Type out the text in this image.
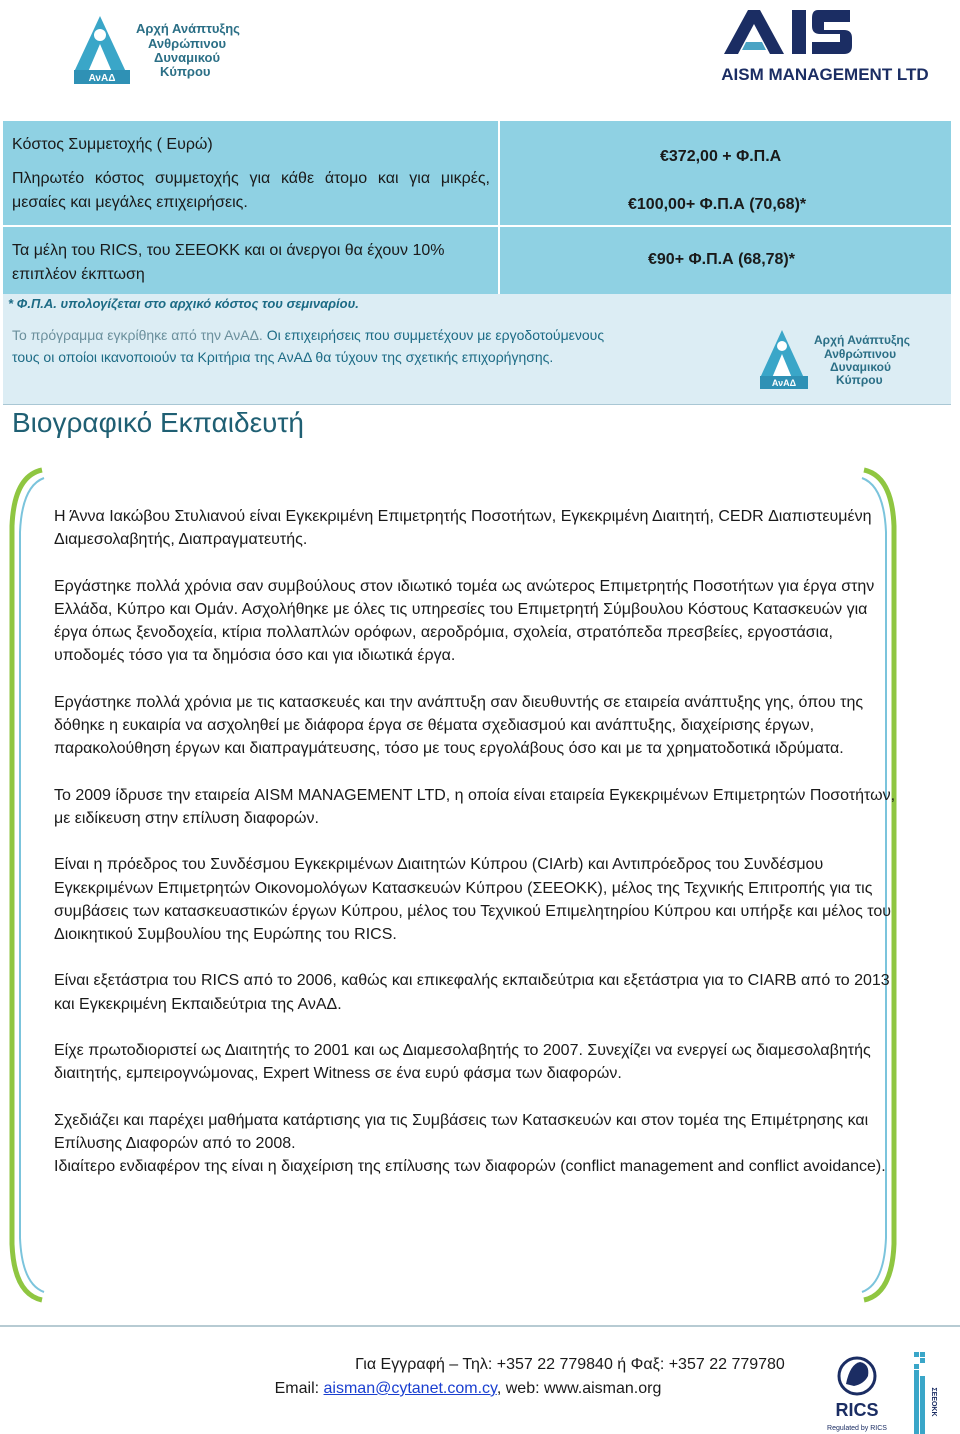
ΑνΑΔ
Αρχή Ανάπτυξης
Ανθρώπινου
Δυναμικού
Κύπρου	AISM MANAGEMENT LTD
Κόστος Συμμετοχής ( Ευρώ)
Πληρωτέο κόστος συμμετοχής για κάθε άτομο και για μικρές, μεσαίες και μεγάλες επιχειρήσεις.
Τα μέλη του RICS, του ΣΕΕΟΚΚ και οι άνεργοι θα έχουν 10% επιπλέον έκπτωση
€372,00 + Φ.Π.Α
€100,00+ Φ.Π.Α (70,68)*
€90+ Φ.Π.Α (68,78)*
* Φ.Π.Α. υπολογίζεται στο αρχικό κόστος του σεμιναρίου.
Το πρόγραμμα εγκρίθηκε από την ΑνΑΔ. Οι επιχειρήσεις που συμμετέχουν με εργοδοτούμενους τους οι οποίοι ικανοποιούν τα Κριτήρια της ΑνΑΔ θα τύχουν της σχετικής επιχορήγησης.
ΑνΑΔ
Αρχή Ανάπτυξης
Ανθρώπινου
Δυναμικού
Κύπρου
Βιογραφικό Εκπαιδευτή

Η Άννα Ιακώβου Στυλιανού είναι Εγκεκριμένη Επιμετρητής Ποσοτήτων, Εγκεκριμένη Διαιτητή, CEDR Διαπιστευμένη Διαμεσολαβητής, Διαπραγματευτής.

Εργάστηκε πολλά χρόνια σαν συμβούλους στον ιδιωτικό τομέα ως ανώτερος Επιμετρητής Ποσοτήτων για έργα στην Ελλάδα, Κύπρο και Ομάν. Ασχολήθηκε με όλες τις υπηρεσίες του Επιμετρητή Σύμβουλου Κόστους Κατασκευών για έργα όπως ξενοδοχεία, κτίρια πολλαπλών ορόφων, αεροδρόμια, σχολεία, στρατόπεδα πρεσβείες, εργοστάσια, υποδομές τόσο για τα δημόσια όσο και για ιδιωτικά έργα.

Εργάστηκε πολλά χρόνια με τις κατασκευές και την ανάπτυξη σαν διευθυντής σε εταιρεία ανάπτυξης γης, όπου της δόθηκε η ευκαιρία να ασχοληθεί με διάφορα έργα σε θέματα σχεδιασμού και ανάπτυξης, διαχείρισης έργων, παρακολούθηση έργων και διαπραγμάτευσης, τόσο με τους εργολάβους όσο και με τα χρηματοδοτικά ιδρύματα.

Το 2009 ίδρυσε την εταιρεία AISM MANAGEMENT LTD, η οποία είναι εταιρεία Εγκεκριμένων Επιμετρητών Ποσοτήτων, με ειδίκευση στην επίλυση διαφορών.

Είναι η πρόεδρος του Συνδέσμου Εγκεκριμένων Διαιτητών Κύπρου (CIArb) και Αντιπρόεδρος του Συνδέσμου Εγκεκριμένων Επιμετρητών Οικονομολόγων Κατασκευών Κύπρου (ΣΕΕΟΚΚ), μέλος της Τεχνικής Επιτροπής για τις συμβάσεις των κατασκευαστικών έργων Κύπρου, μέλος του Τεχνικού Επιμελητηρίου Κύπρου και υπήρξε και μέλος του Διοικητικού Συμβουλίου της Ευρώπης του RICS.

Είναι εξετάστρια του RICS από το 2006, καθώς και επικεφαλής εκπαιδεύτρια και εξετάστρια για το CIARB από το 2013 και Εγκεκριμένη Εκπαιδεύτρια της ΑνΑΔ.

Είχε πρωτοδιοριστεί ως Διαιτητής το 2001 και ως Διαμεσολαβητής το 2007. Συνεχίζει να ενεργεί ως διαμεσολαβητής διαιτητής, εμπειρογνώμονας, Expert Witness σε ένα ευρύ φάσμα των διαφορών.

Σχεδιάζει και παρέχει μαθήματα κατάρτισης για τις Συμβάσεις των Κατασκευών και στον τομέα της Επιμέτρησης και Επίλυσης Διαφορών από το 2008.

Ιδιαίτερο ενδιαφέρον της είναι η διαχείριση της επίλυσης των διαφορών (conflict management and conflict avoidance).

Για Εγγραφή – Τηλ: +357 22 779840 ή Φαξ: +357 22 779780
Email: aisman@cytanet.com.cy, web: www.aisman.org
RICS
Regulated by RICS
ΣΕΕΟΚΚ
